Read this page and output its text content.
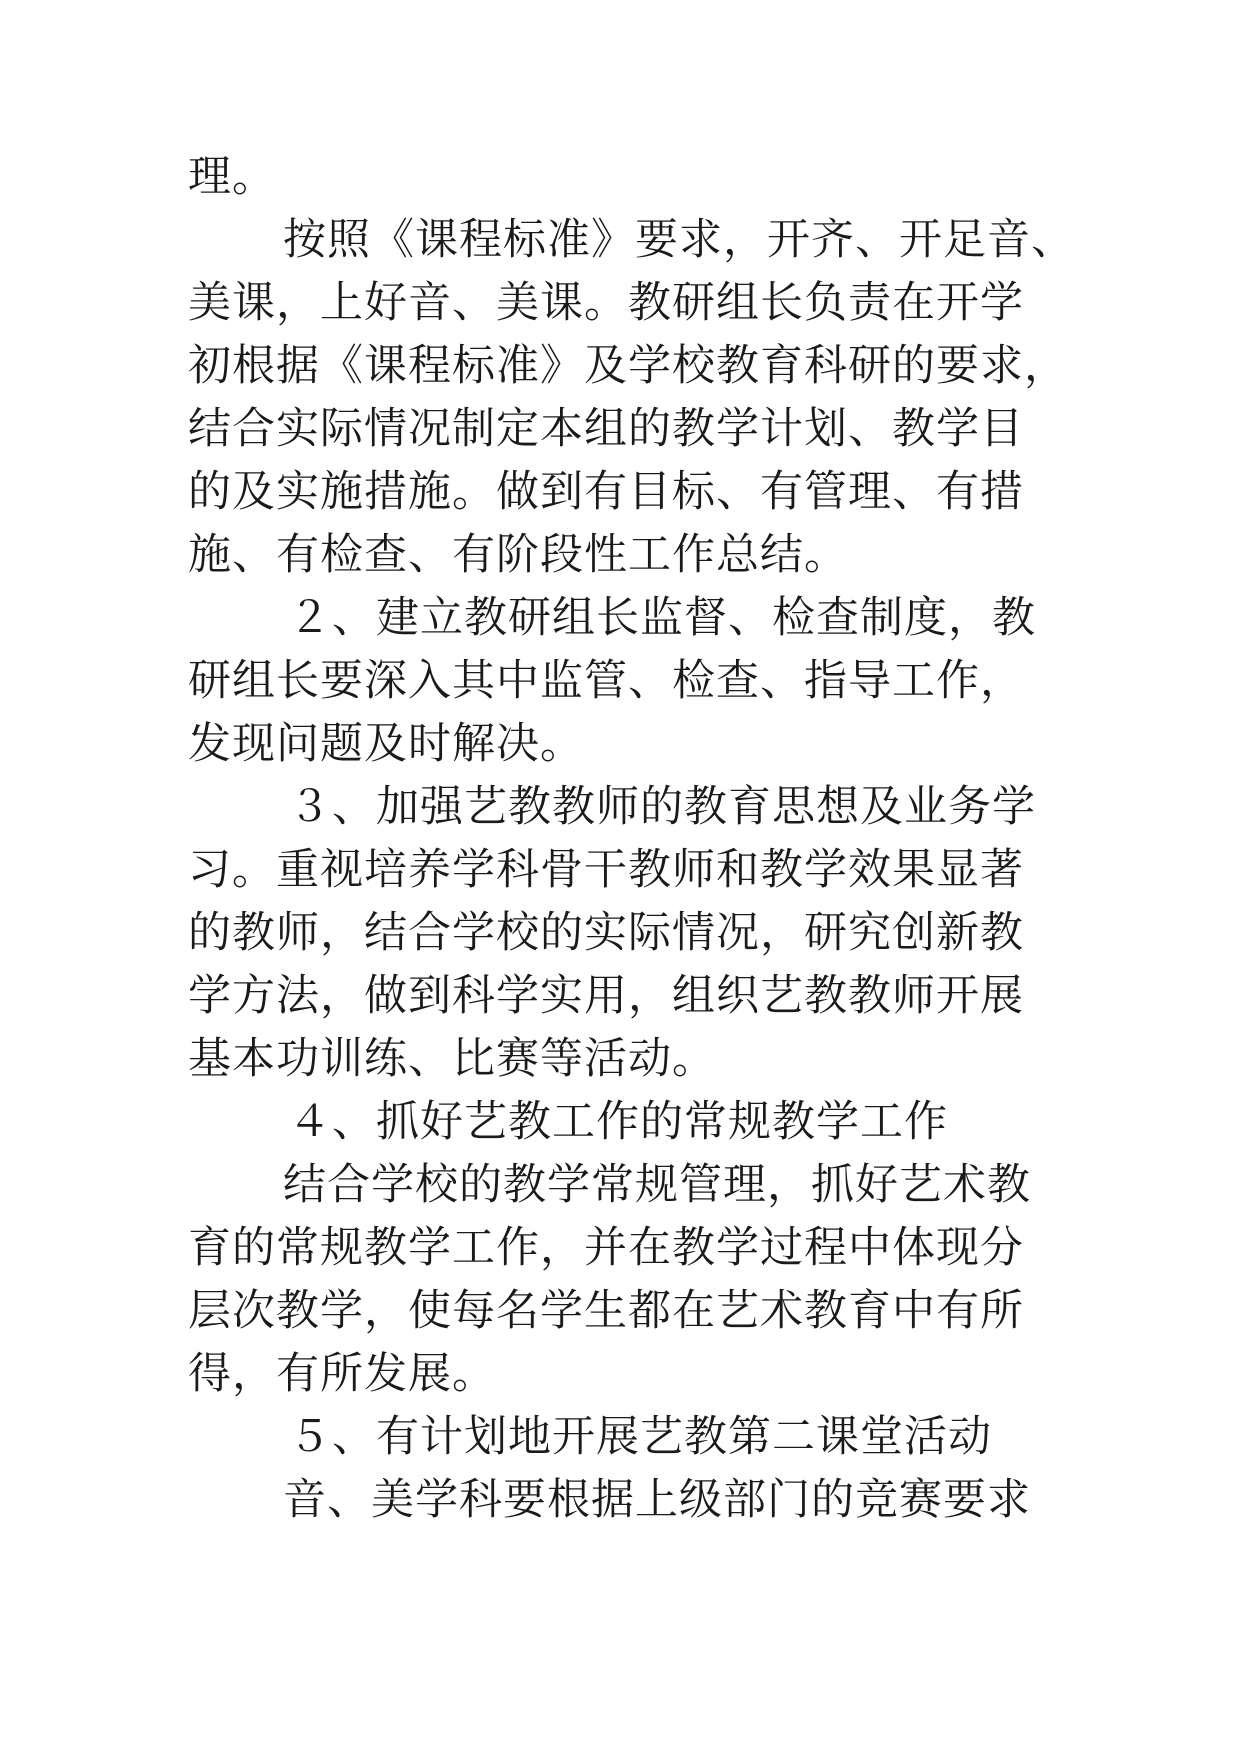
理。
按照《课程标准》要求，开齐、开足音、
美课，上好音、美课。教研组长负责在开学
初根据《课程标准》及学校教育科研的要求，
结合实际情况制定本组的教学计划、教学目
的及实施措施。做到有目标、有管理、有措
施、有检查、有阶段性工作总结。
２、建立教研组长监督、检查制度，教
研组长要深入其中监管、检查、指导工作，
发现问题及时解决。
３、加强艺教教师的教育思想及业务学
习。重视培养学科骨干教师和教学效果显著
的教师，结合学校的实际情况，研究创新教
学方法，做到科学实用，组织艺教教师开展
基本功训练、比赛等活动。
４、抓好艺教工作的常规教学工作
结合学校的教学常规管理，抓好艺术教
育的常规教学工作，并在教学过程中体现分
层次教学，使每名学生都在艺术教育中有所
得，有所发展。
５、有计划地开展艺教第二课堂活动
音、美学科要根据上级部门的竞赛要求
